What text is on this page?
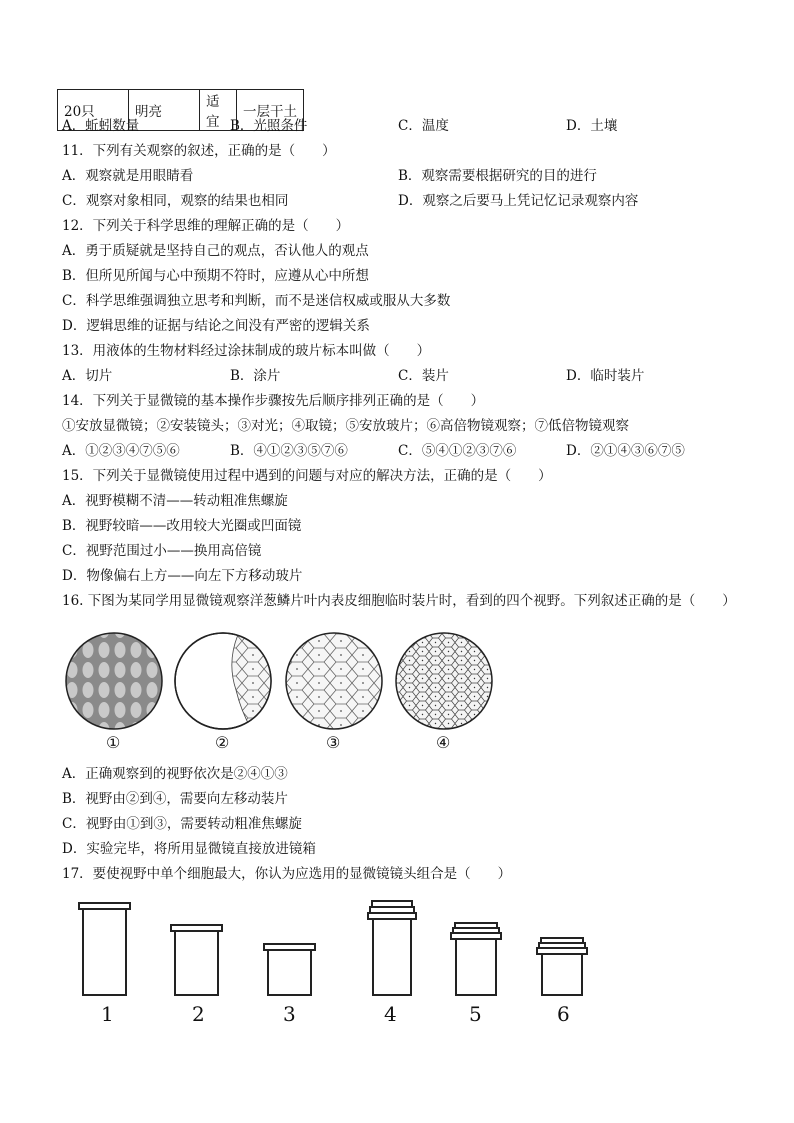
20只	明亮	适宜	一层干土
A．蚯蚓数量	B．光照条件	C．温度	D．土壤
11．下列有关观察的叙述，正确的是（　　）
A．观察就是用眼睛看	B．观察需要根据研究的目的进行
C．观察对象相同，观察的结果也相同	D．观察之后要马上凭记忆记录观察内容
12．下列关于科学思维的理解正确的是（　　）
A．勇于质疑就是坚持自己的观点，否认他人的观点
B．但所见所闻与心中预期不符时，应遵从心中所想
C．科学思维强调独立思考和判断，而不是迷信权威或服从大多数
D．逻辑思维的证据与结论之间没有严密的逻辑关系
13．用液体的生物材料经过涂抹制成的玻片标本叫做（　　）
A．切片	B．涂片	C．装片	D．临时装片
14．下列关于显微镜的基本操作步骤按先后顺序排列正确的是（　　）
①安放显微镜；②安装镜头；③对光；④取镜；⑤安放玻片；⑥高倍物镜观察；⑦低倍物镜观察
A．①②③④⑦⑤⑥	B．④①②③⑤⑦⑥	C．⑤④①②③⑦⑥	D．②①④③⑥⑦⑤
15．下列关于显微镜使用过程中遇到的问题与对应的解决方法，正确的是（　　）
A．视野模糊不清——转动粗准焦螺旋
B．视野较暗——改用较大光圈或凹面镜
C．视野范围过小——换用高倍镜
D．物像偏右上方——向左下方移动玻片
16. 下图为某同学用显微镜观察洋葱鳞片叶内表皮细胞临时装片时，看到的四个视野。下列叙述正确的是（　　）
①	②	③	④
A．正确观察到的视野依次是②④①③
B．视野由②到④，需要向左移动装片
C．视野由①到③，需要转动粗准焦螺旋
D．实验完毕，将所用显微镜直接放进镜箱
17．要使视野中单个细胞最大，你认为应选用的显微镜镜头组合是（　　）
1	2	3	4	5	6
